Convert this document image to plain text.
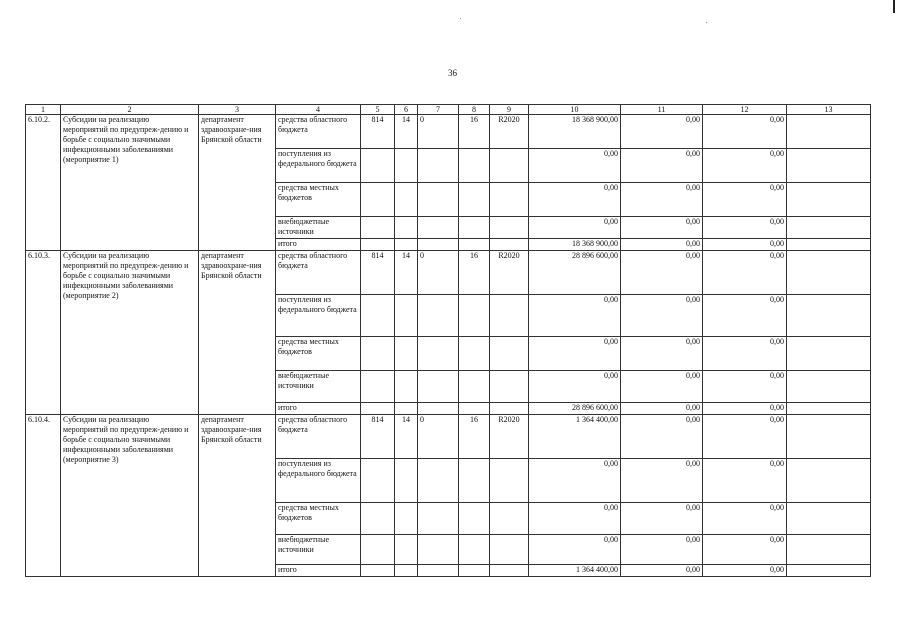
36
1	2	3	4	5	6	7	8	9	10	11	12	13
6.10.2.	Субсидии на реализацию мероприятий по предупреж-дению и борьбе с социально значимыми инфекционными заболеваниями (мероприятие 1)	департамент здравоохране-ния Брянской области	средства областного бюджета	814	14	0	16	R2020	18 368 900,00	0,00	0,00	
			поступления из федерального бюджета						0,00	0,00	0,00	
			средства местных бюджетов						0,00	0,00	0,00	
			внебюджетные источники						0,00	0,00	0,00	
			итого						18 368 900,00	0,00	0,00	
6.10.3.	Субсидии на реализацию мероприятий по предупреж-дению и борьбе с социально значимыми инфекционными заболеваниями (мероприятие 2)	департамент здравоохране-ния Брянской области	средства областного бюджета	814	14	0	16	R2020	28 896 600,00	0,00	0,00	
			поступления из федерального бюджета						0,00	0,00	0,00	
			средства местных бюджетов						0,00	0,00	0,00	
			внебюджетные источники						0,00	0,00	0,00	
			итого						28 896 600,00	0,00	0,00	
6.10.4.	Субсидии на реализацию мероприятий по предупреж-дению и борьбе с социально значимыми инфекционными заболеваниями (мероприятие 3)	департамент здравоохране-ния Брянской области	средства областного бюджета	814	14	0	16	R2020	1 364 400,00	0,00	0,00	
			поступления из федерального бюджета						0,00	0,00	0,00	
			средства местных бюджетов						0,00	0,00	0,00	
			внебюджетные источники						0,00	0,00	0,00	
			итого						1 364 400,00	0,00	0,00	
